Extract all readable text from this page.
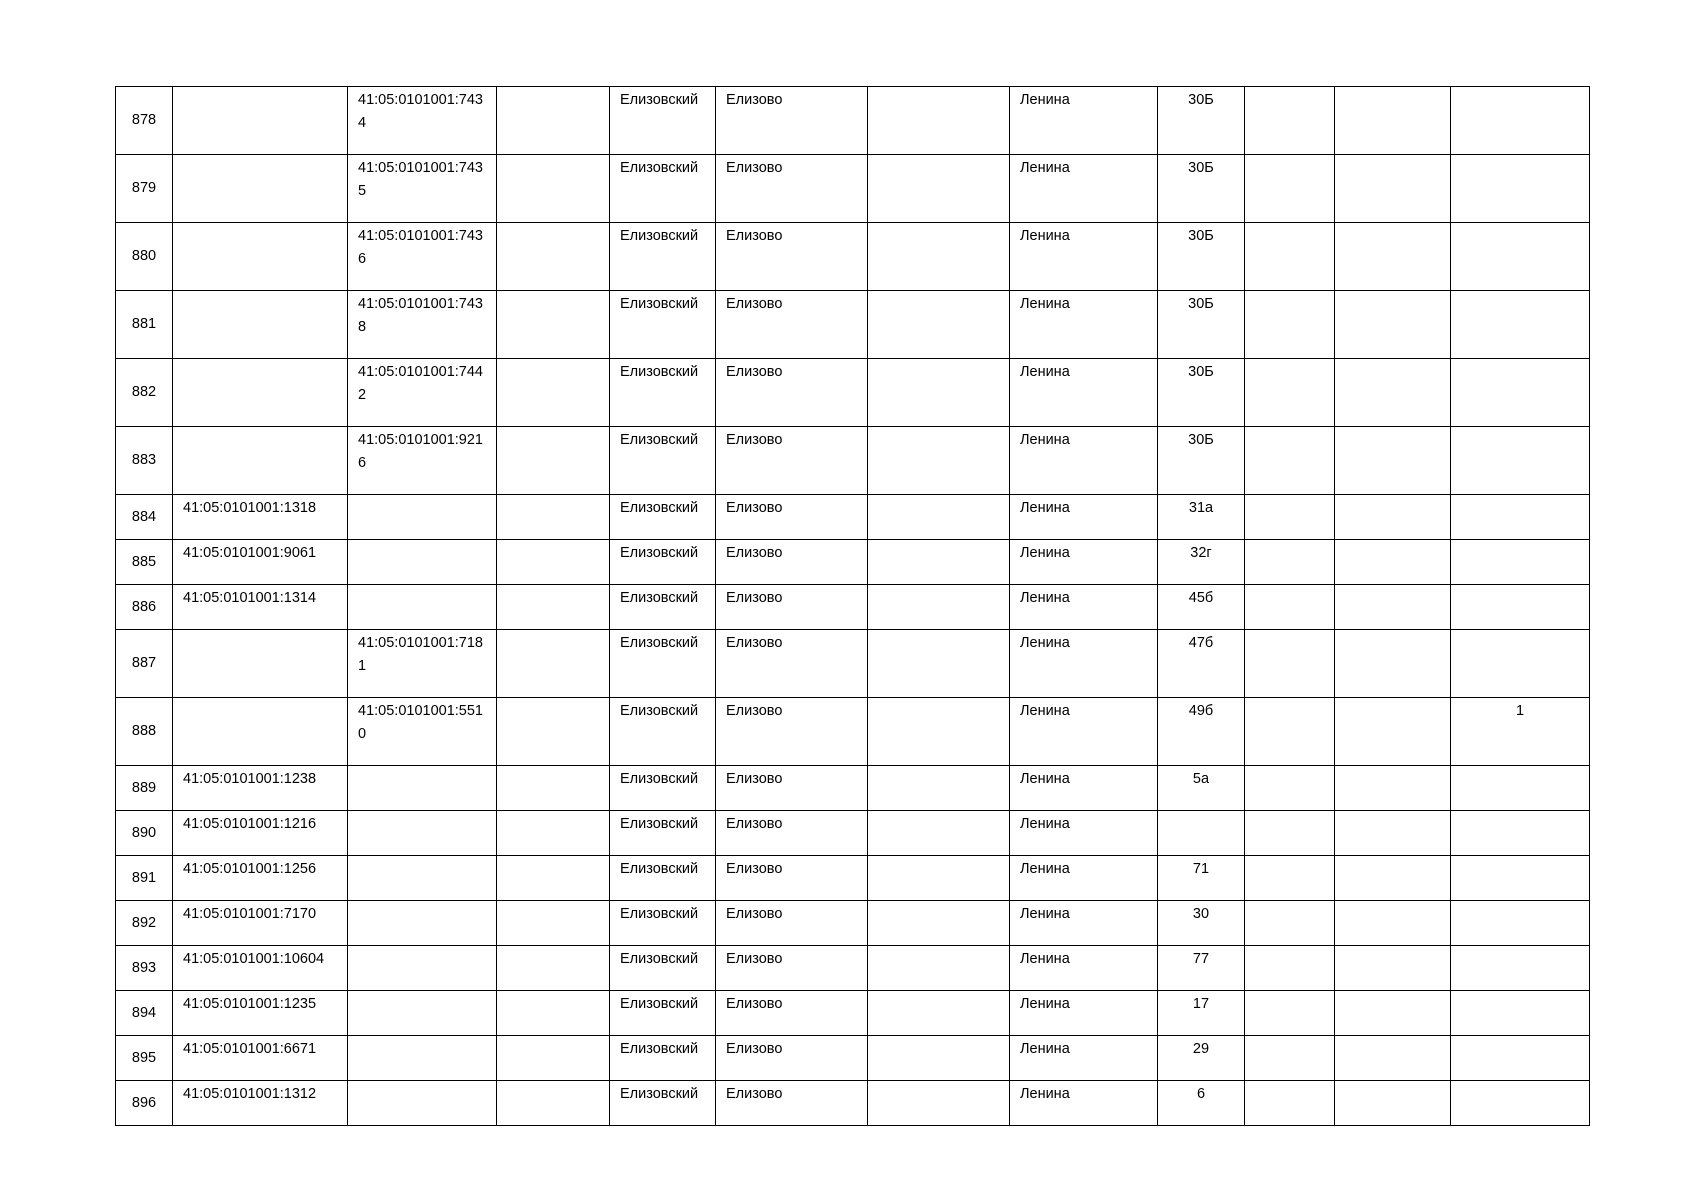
878		41:05:0101001:7434		Елизовский	Елизово		Ленина	30Б			
879		41:05:0101001:7435		Елизовский	Елизово		Ленина	30Б			
880		41:05:0101001:7436		Елизовский	Елизово		Ленина	30Б			
881		41:05:0101001:7438		Елизовский	Елизово		Ленина	30Б			
882		41:05:0101001:7442		Елизовский	Елизово		Ленина	30Б			
883		41:05:0101001:9216		Елизовский	Елизово		Ленина	30Б			
884	41:05:0101001:1318			Елизовский	Елизово		Ленина	31а			
885	41:05:0101001:9061			Елизовский	Елизово		Ленина	32г			
886	41:05:0101001:1314			Елизовский	Елизово		Ленина	45б			
887		41:05:0101001:7181		Елизовский	Елизово		Ленина	47б			
888		41:05:0101001:5510		Елизовский	Елизово		Ленина	49б			1
889	41:05:0101001:1238			Елизовский	Елизово		Ленина	5а			
890	41:05:0101001:1216			Елизовский	Елизово		Ленина				
891	41:05:0101001:1256			Елизовский	Елизово		Ленина	71			
892	41:05:0101001:7170			Елизовский	Елизово		Ленина	30			
893	41:05:0101001:10604			Елизовский	Елизово		Ленина	77			
894	41:05:0101001:1235			Елизовский	Елизово		Ленина	17			
895	41:05:0101001:6671			Елизовский	Елизово		Ленина	29			
896	41:05:0101001:1312			Елизовский	Елизово		Ленина	6			
